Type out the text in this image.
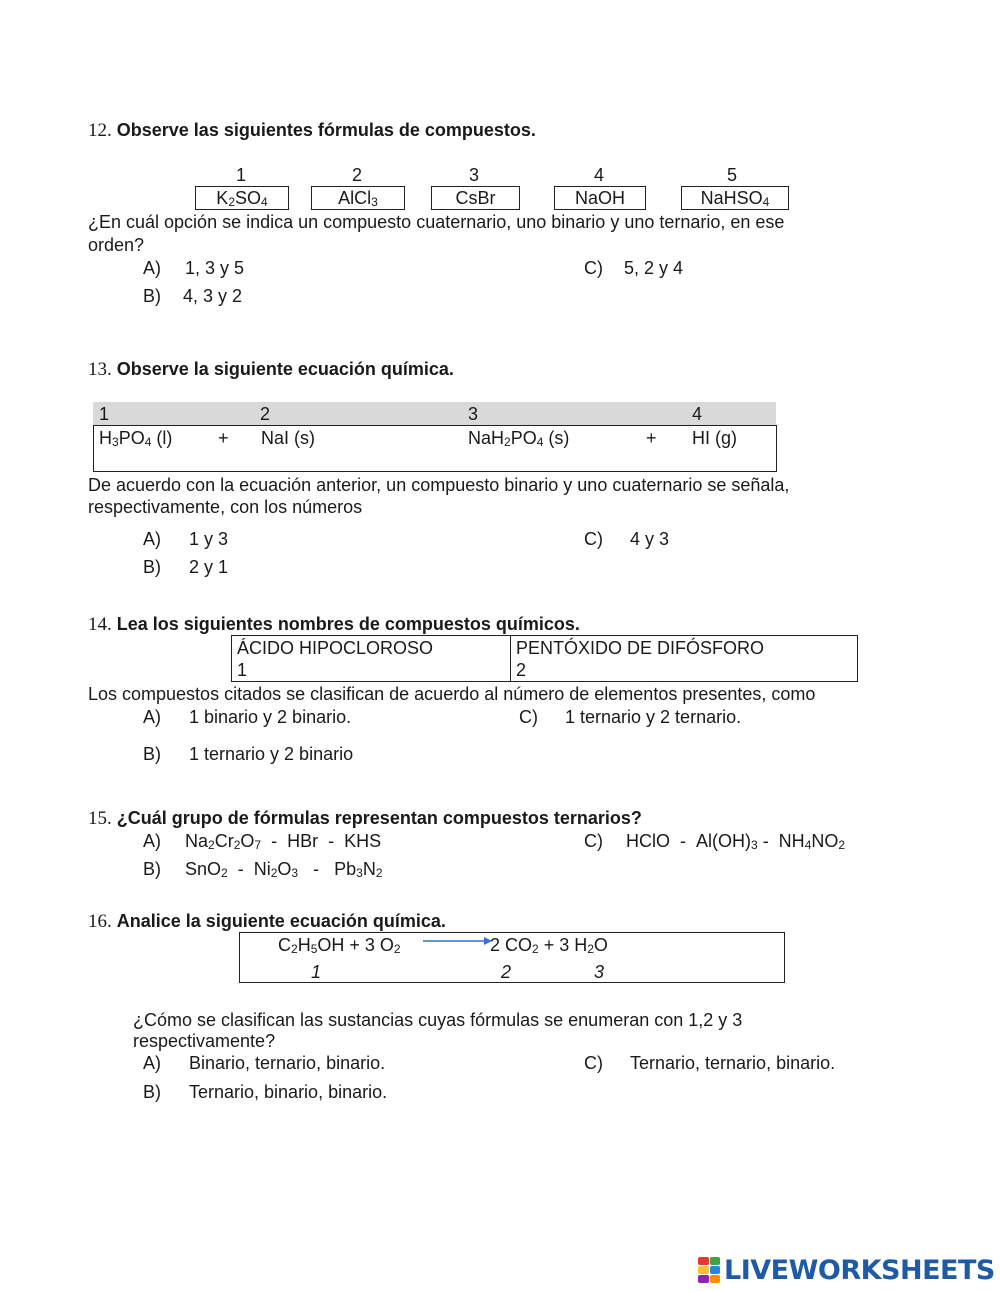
12. Observe las siguientes fórmulas de compuestos.
1	2	3	4	5
$K_2SO_4$	AlCl$_3$	CsBr	NaOH	NaHSO$_4$
¿En cuál opción se indica un compuesto cuaternario, uno binario y uno ternario, en ese
orden?
A) 1, 3 y 5	C) 5, 2 y 4
B) 4, 3 y 2
13. Observe la siguiente ecuación química.
1	2	3	4
$H_3PO_4$ (l)	+ NaI (s)	$NaH_2PO_4$ (s)	+ HI (g)
De acuerdo con la ecuación anterior, un compuesto binario y uno cuaternario se señala,
respectivamente, con los números
A) 1 y 3	C) 4 y 3
B) 2 y 1
14. Lea los siguientes nombres de compuestos químicos.
ÁCIDO HIPOCLOROSO
1
PENTÓXIDO DE DIFÓSFORO
2
Los compuestos citados se clasifican de acuerdo al número de elementos presentes, como
A) 1 binario y 2 binario.	C) 1 ternario y 2 ternario.
B) 1 ternario y 2 binario
15. ¿Cuál grupo de fórmulas representan compuestos ternarios?
A) $Na_2Cr_2O_7$  -  HBr  -  KHS	C) HClO  -  $Al(OH)_3 - NH_4NO_2$
B) $SnO_2 - Ni_2O_3 - Pb_3N_2$
16. Analice la siguiente ecuación química.
$C_2H_5OH + 3$ $O_2$	2 $CO_2 + 3$ $H_2O$
1	2	3
¿Cómo se clasifican las sustancias cuyas fórmulas se enumeran con 1,2 y 3
respectivamente?
A) Binario, ternario, binario.	C) Ternario, ternario, binario.
B) Ternario, binario, binario.
LIVEWORKSHEETS
